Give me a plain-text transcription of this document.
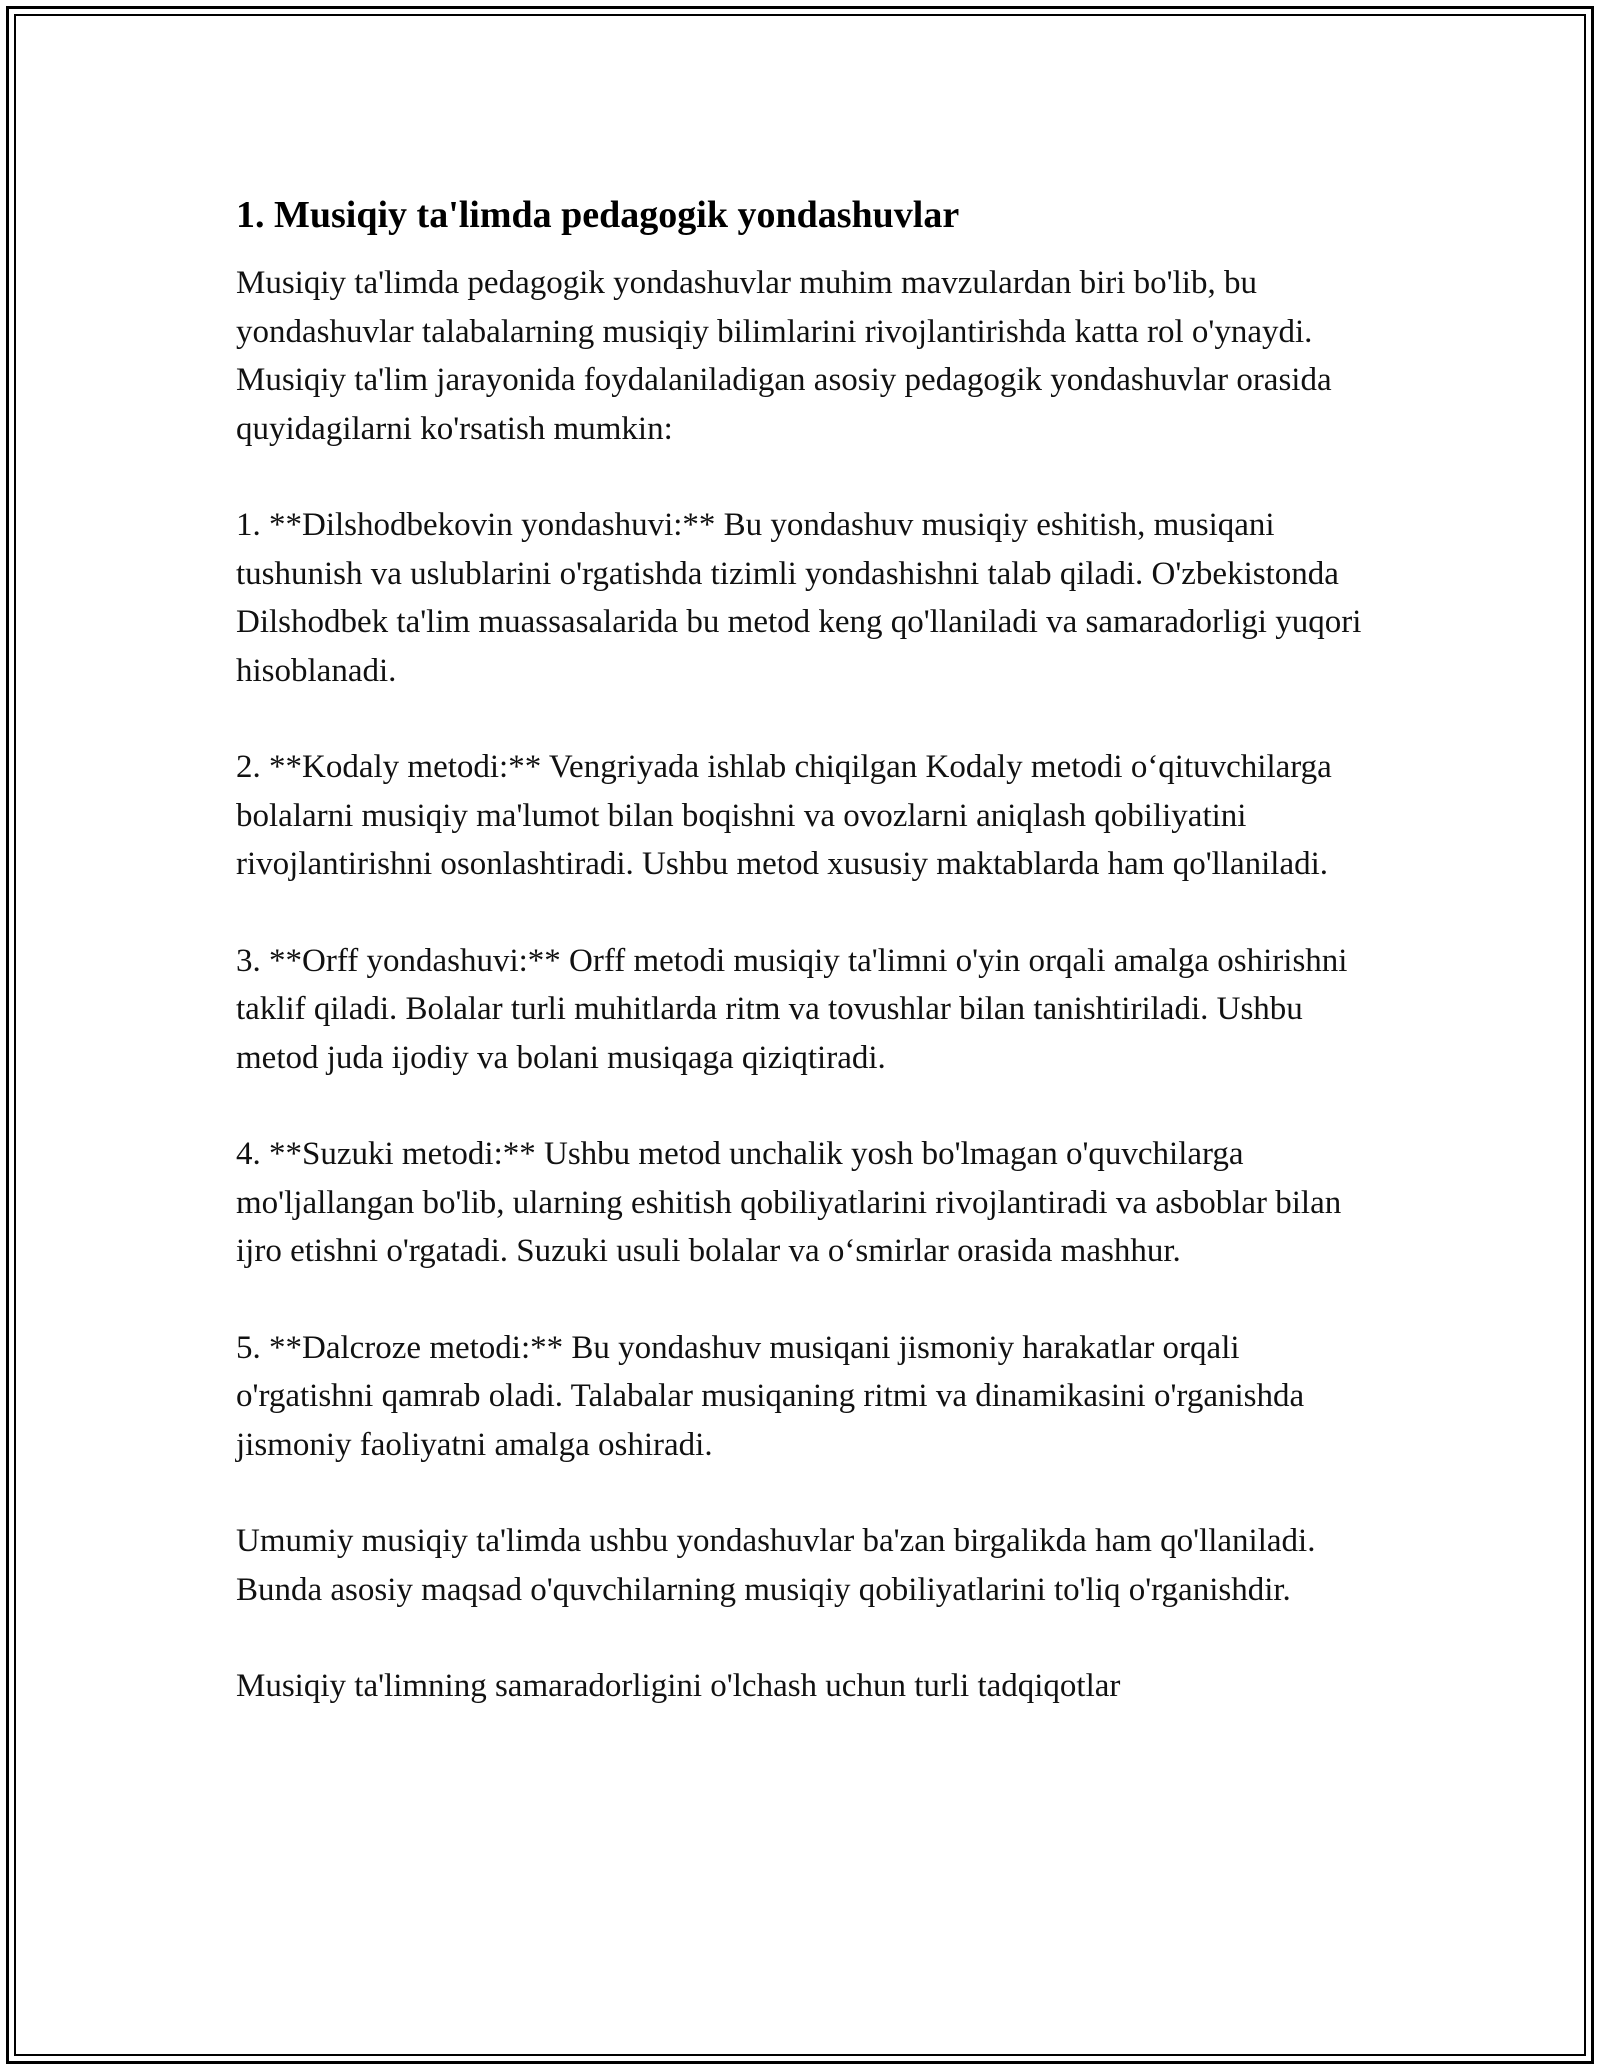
1. Musiqiy ta'limda pedagogik yondashuvlar

Musiqiy ta'limda pedagogik yondashuvlar muhim mavzulardan biri bo'lib, bu yondashuvlar talabalarning musiqiy bilimlarini rivojlantirishda katta rol o'ynaydi. Musiqiy ta'lim jarayonida foydalaniladigan asosiy pedagogik yondashuvlar orasida quyidagilarni ko'rsatish mumkin:

1. **Dilshodbekovin yondashuvi:** Bu yondashuv musiqiy eshitish, musiqani tushunish va uslublarini o'rgatishda tizimli yondashishni talab qiladi. O'zbekistonda Dilshodbek ta'lim muassasalarida bu metod keng qo'llaniladi va samaradorligi yuqori hisoblanadi.

2. **Kodaly metodi:** Vengriyada ishlab chiqilgan Kodaly metodi o‘qituvchilarga bolalarni musiqiy ma'lumot bilan boqishni va ovozlarni aniqlash qobiliyatini rivojlantirishni osonlashtiradi. Ushbu metod xususiy maktablarda ham qo'llaniladi.

3. **Orff yondashuvi:** Orff metodi musiqiy ta'limni o'yin orqali amalga oshirishni taklif qiladi. Bolalar turli muhitlarda ritm va tovushlar bilan tanishtiriladi. Ushbu metod juda ijodiy va bolani musiqaga qiziqtiradi.

4. **Suzuki metodi:** Ushbu metod unchalik yosh bo'lmagan o'quvchilarga mo'ljallangan bo'lib, ularning eshitish qobiliyatlarini rivojlantiradi va asboblar bilan ijro etishni o'rgatadi. Suzuki usuli bolalar va o‘smirlar orasida mashhur.

5. **Dalcroze metodi:** Bu yondashuv musiqani jismoniy harakatlar orqali o'rgatishni qamrab oladi. Talabalar musiqaning ritmi va dinamikasini o'rganishda jismoniy faoliyatni amalga oshiradi.

Umumiy musiqiy ta'limda ushbu yondashuvlar ba'zan birgalikda ham qo'llaniladi. Bunda asosiy maqsad o'quvchilarning musiqiy qobiliyatlarini to'liq o'rganishdir.

Musiqiy ta'limning samaradorligini o'lchash uchun turli tadqiqotlar
